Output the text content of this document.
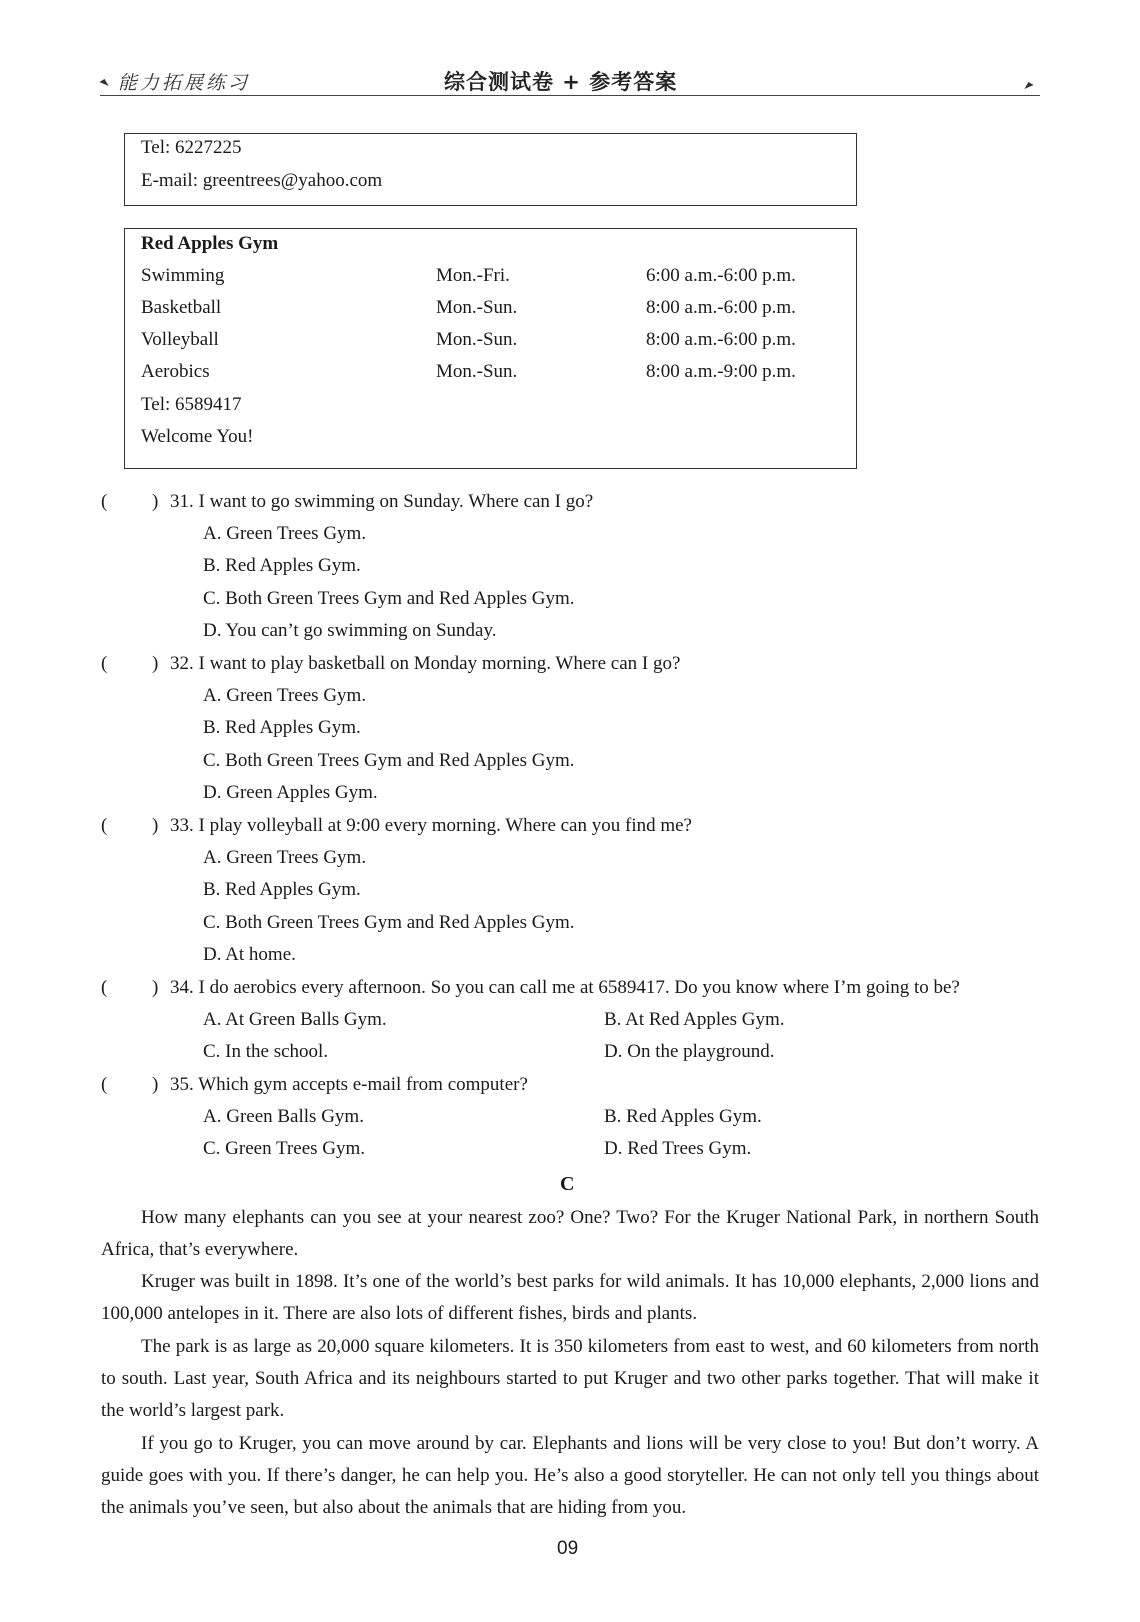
能力拓展练习	综合测试卷 + 参考答案
Tel: 6227225
E-mail: greentrees@yahoo.com
Red Apples Gym
Swimming	Mon.-Fri.	6:00 a.m.-6:00 p.m.
Basketball	Mon.-Sun.	8:00 a.m.-6:00 p.m.
Volleyball	Mon.-Sun.	8:00 a.m.-6:00 p.m.
Aerobics	Mon.-Sun.	8:00 a.m.-9:00 p.m.
Tel: 6589417
Welcome You!
( ) 31. I want to go swimming on Sunday. Where can I go?
A. Green Trees Gym.
B. Red Apples Gym.
C. Both Green Trees Gym and Red Apples Gym.
D. You can’t go swimming on Sunday.
( ) 32. I want to play basketball on Monday morning. Where can I go?
A. Green Trees Gym.
B. Red Apples Gym.
C. Both Green Trees Gym and Red Apples Gym.
D. Green Apples Gym.
( ) 33. I play volleyball at 9:00 every morning. Where can you find me?
A. Green Trees Gym.
B. Red Apples Gym.
C. Both Green Trees Gym and Red Apples Gym.
D. At home.
( ) 34. I do aerobics every afternoon. So you can call me at 6589417. Do you know where I’m going to be?
A. At Green Balls Gym.	B. At Red Apples Gym.
C. In the school.	D. On the playground.
( ) 35. Which gym accepts e-mail from computer?
A. Green Balls Gym.	B. Red Apples Gym.
C. Green Trees Gym.	D. Red Trees Gym.
C
How many elephants can you see at your nearest zoo? One? Two? For the Kruger National Park, in northern South Africa, that’s everywhere.
Kruger was built in 1898. It’s one of the world’s best parks for wild animals. It has 10,000 elephants, 2,000 lions and 100,000 antelopes in it. There are also lots of different fishes, birds and plants.
The park is as large as 20,000 square kilometers. It is 350 kilometers from east to west, and 60 kilometers from north to south. Last year, South Africa and its neighbours started to put Kruger and two other parks together. That will make it the world’s largest park.
If you go to Kruger, you can move around by car. Elephants and lions will be very close to you! But don’t worry. A guide goes with you. If there’s danger, he can help you. He’s also a good storyteller. He can not only tell you things about the animals you’ve seen, but also about the animals that are hiding from you.
09
